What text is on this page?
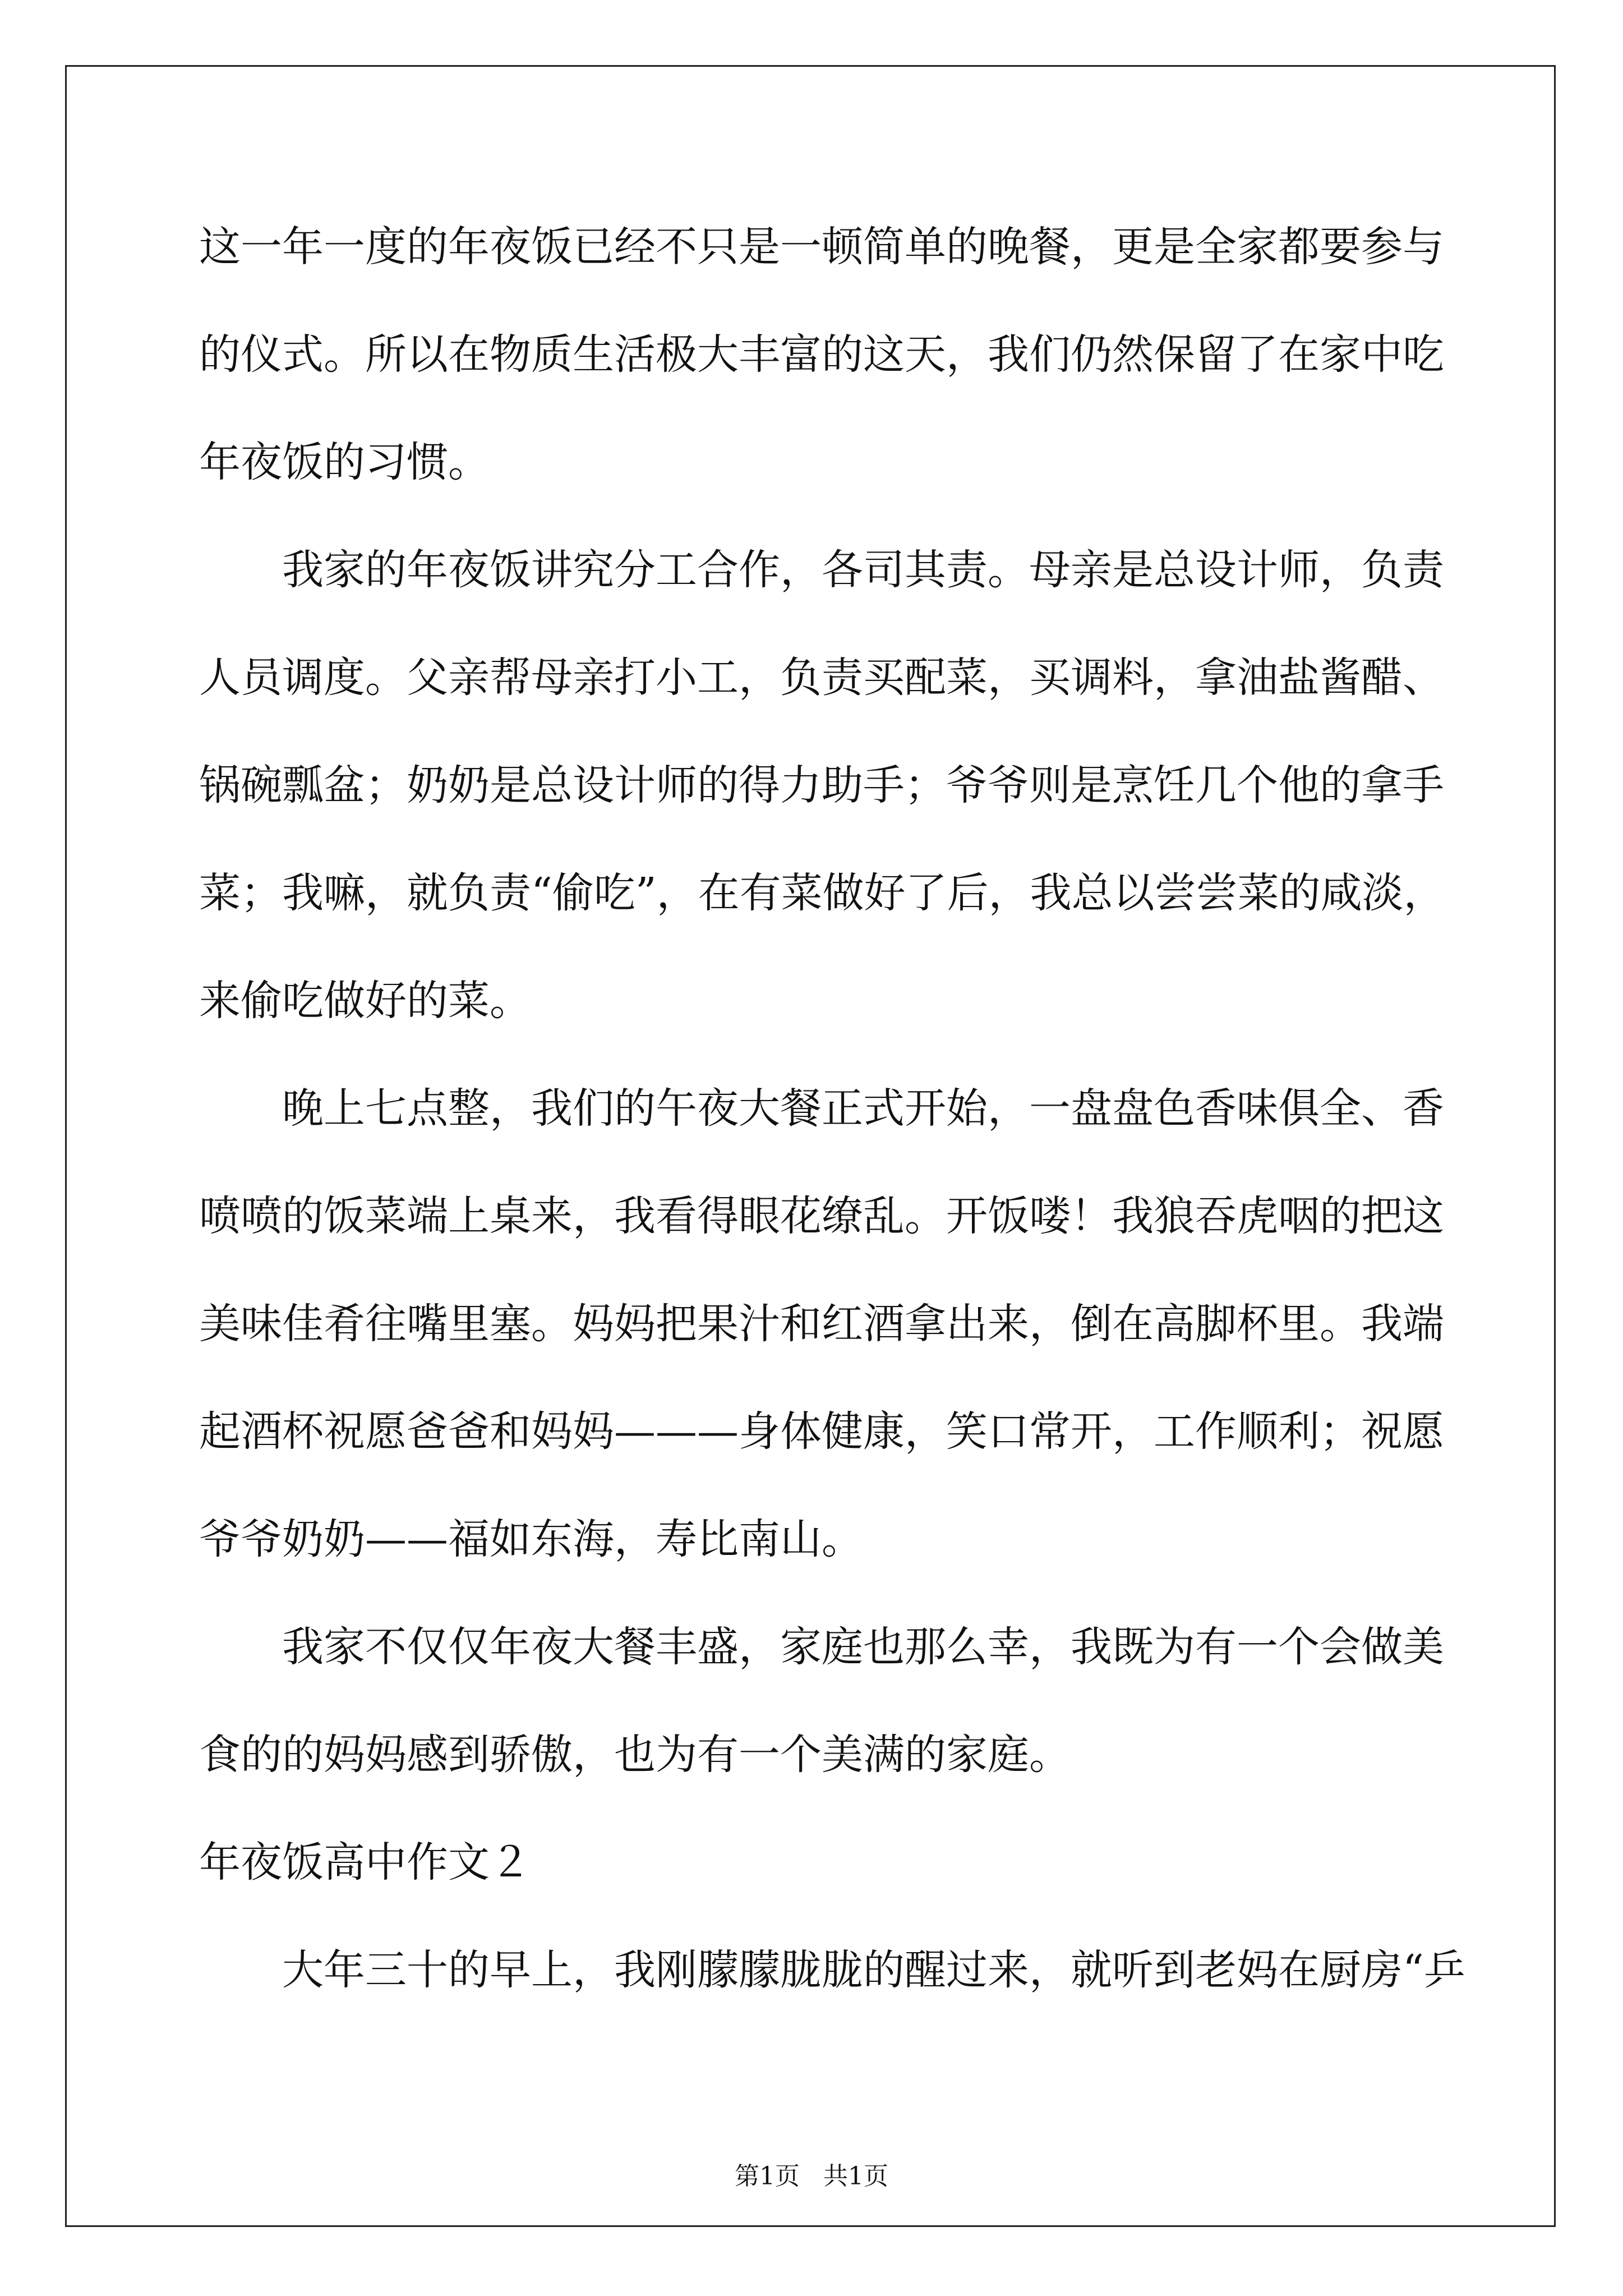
这一年一度的年夜饭已经不只是一顿简单的晚餐，更是全家都要参与
的仪式。所以在物质生活极大丰富的这天，我们仍然保留了在家中吃
年夜饭的习惯。
　　我家的年夜饭讲究分工合作，各司其责。母亲是总设计师，负责
人员调度。父亲帮母亲打小工，负责买配菜，买调料，拿油盐酱醋、
锅碗瓢盆；奶奶是总设计师的得力助手；爷爷则是烹饪几个他的拿手
菜；我嘛，就负责“偷吃”，在有菜做好了后，我总以尝尝菜的咸淡，
来偷吃做好的菜。
　　晚上七点整，我们的午夜大餐正式开始，一盘盘色香味俱全、香
喷喷的饭菜端上桌来，我看得眼花缭乱。开饭喽！我狼吞虎咽的把这
美味佳肴往嘴里塞。妈妈把果汁和红酒拿出来，倒在高脚杯里。我端
起酒杯祝愿爸爸和妈妈———身体健康，笑口常开，工作顺利；祝愿
爷爷奶奶——福如东海，寿比南山。
　　我家不仅仅年夜大餐丰盛，家庭也那么幸，我既为有一个会做美
食的的妈妈感到骄傲，也为有一个美满的家庭。
年夜饭高中作文２
　　大年三十的早上，我刚朦朦胧胧的醒过来，就听到老妈在厨房“乒
第1页   共1页
